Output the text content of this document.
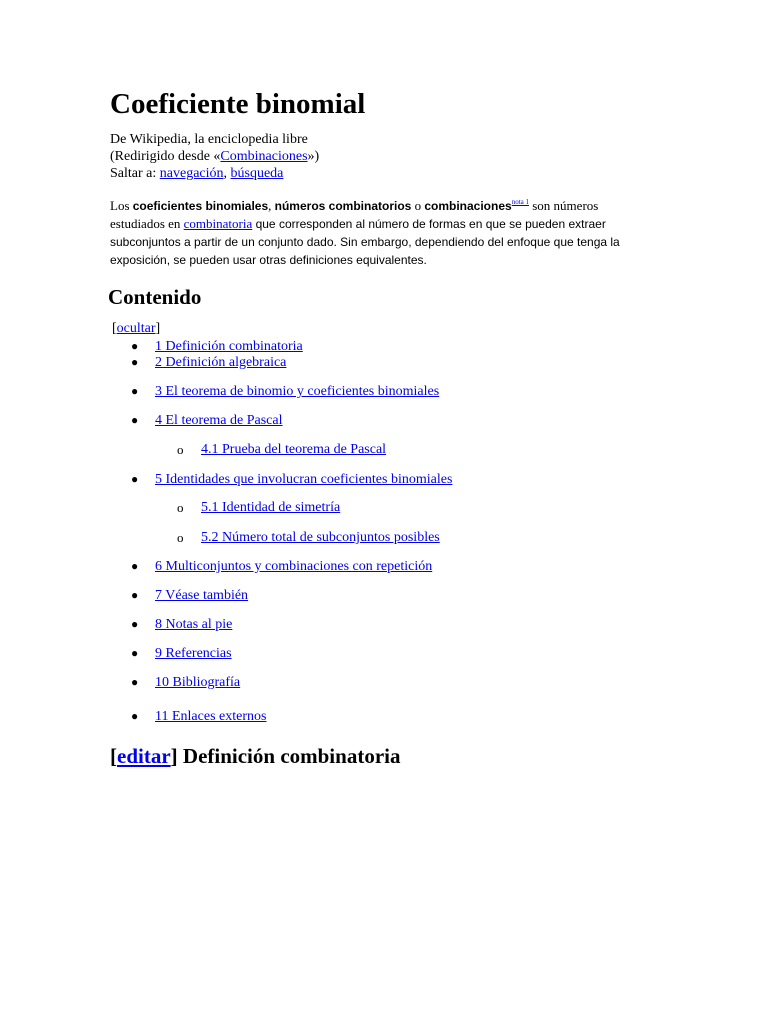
Coeficiente binomial
De Wikipedia, la enciclopedia libre
(Redirigido desde «Combinaciones»)
Saltar a: navegación, búsqueda
Los coeficientes binomiales, números combinatorios o combinaciones$^{nota 1}$ son números estudiados en combinatoria que corresponden al número de formas en que se pueden extraer subconjuntos a partir de un conjunto dado. Sin embargo, dependiendo del enfoque que tenga la exposición, se pueden usar otras definiciones equivalentes.
Contenido
[ocultar]
● 1 Definición combinatoria
● 2 Definición algebraica
● 3 El teorema de binomio y coeficientes binomiales
● 4 El teorema de Pascal
o 4.1 Prueba del teorema de Pascal
● 5 Identidades que involucran coeficientes binomiales
o 5.1 Identidad de simetría
o 5.2 Número total de subconjuntos posibles
● 6 Multiconjuntos y combinaciones con repetición
● 7 Véase también
● 8 Notas al pie
● 9 Referencias
● 10 Bibliografía
● 11 Enlaces externos
[editar] Definición combinatoria
